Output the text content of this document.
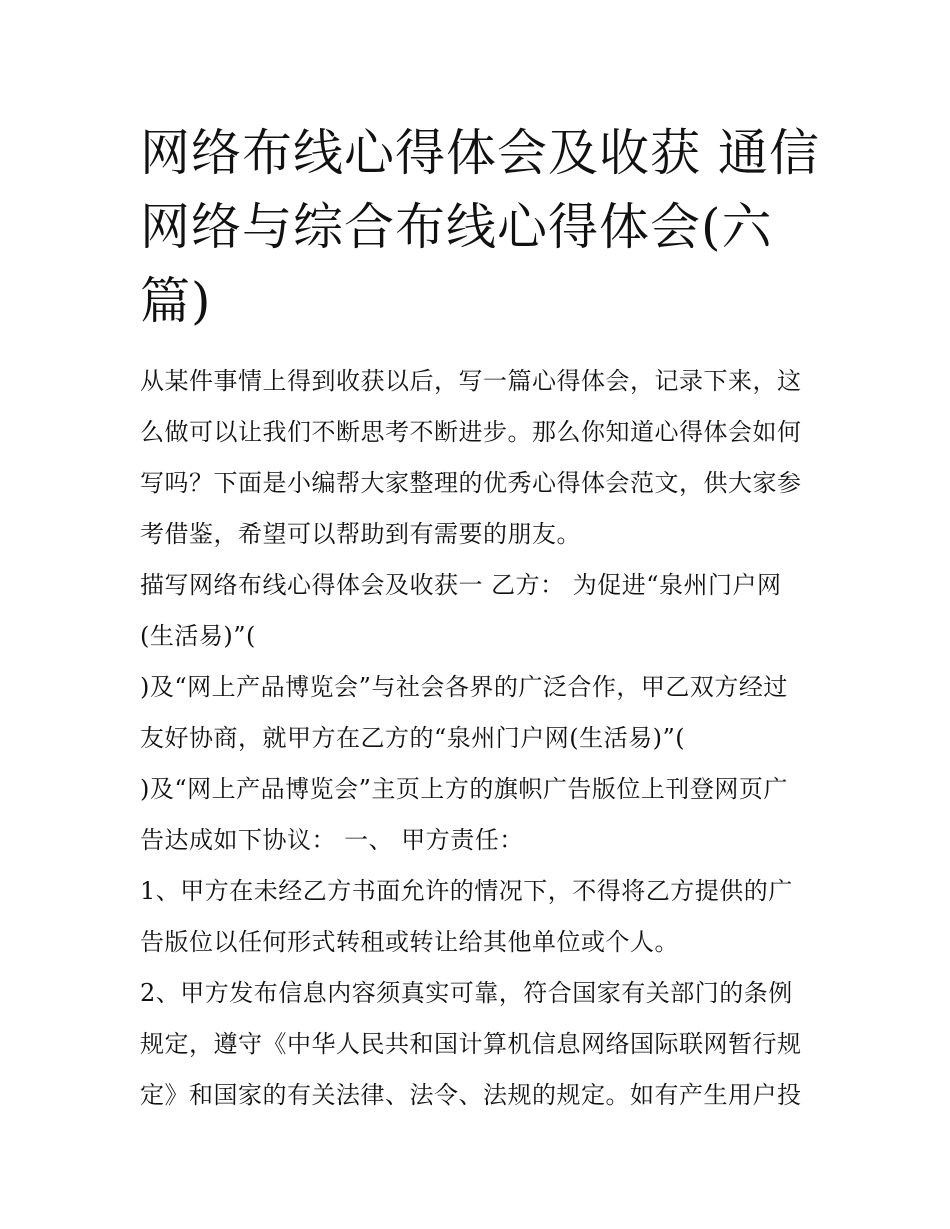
网络布线心得体会及收获 通信
网络与综合布线心得体会(六
篇)

从某件事情上得到收获以后，写一篇心得体会，记录下来，这
么做可以让我们不断思考不断进步。那么你知道心得体会如何
写吗？下面是小编帮大家整理的优秀心得体会范文，供大家参
考借鉴，希望可以帮助到有需要的朋友。

描写网络布线心得体会及收获一 乙方： 为促进“泉州门户网
(生活易)”(
)及“网上产品博览会”与社会各界的广泛合作，甲乙双方经过
友好协商，就甲方在乙方的“泉州门户网(生活易)”(
)及“网上产品博览会”主页上方的旗帜广告版位上刊登网页广
告达成如下协议： 一、 甲方责任：

1、甲方在未经乙方书面允许的情况下，不得将乙方提供的广
告版位以任何形式转租或转让给其他单位或个人。

2、甲方发布信息内容须真实可靠，符合国家有关部门的条例
规定，遵守《中华人民共和国计算机信息网络国际联网暂行规
定》和国家的有关法律、法令、法规的规定。如有产生用户投
